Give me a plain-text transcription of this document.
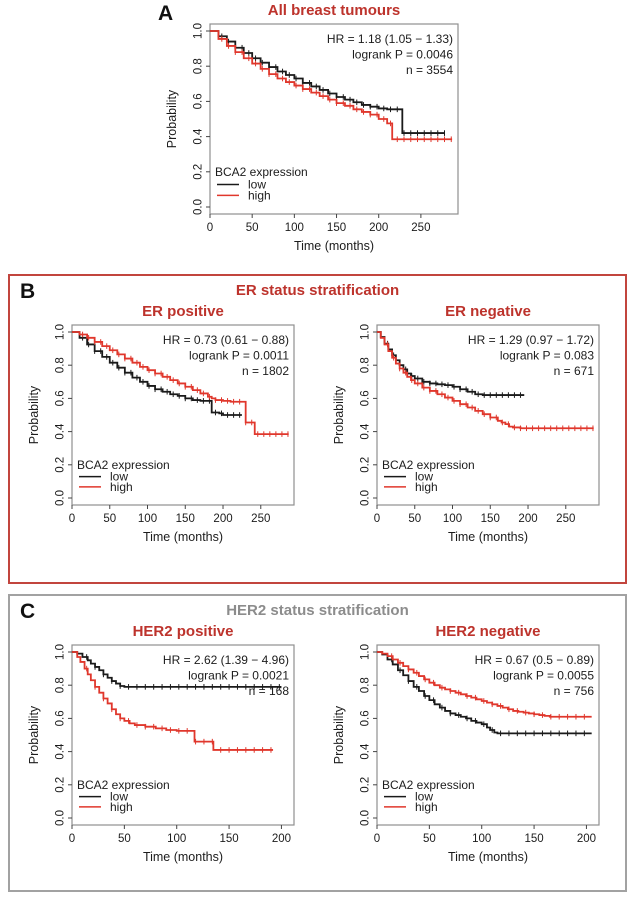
A
0	50 100 150 200 250
0.0
0.2
0.4
0.6
0.8
1.0
Time (months)
Probability
All breast tumours
HR = 1.18 (1.05 − 1.33)
logrank P = 0.0046
n = 3554
BCA2 expression
low
high
B	ER status stratification
0 50 100 150 200 250
0.0
0.2
0.4
0.6
0.8
1.0
Time (months)
Probability
ER positive
HR = 0.73 (0.61 − 0.88)
logrank P = 0.0011
n = 1802
BCA2 expression
low
high
0 50 100 150 200 250
0.0
0.2
0.4
0.6
0.8
1.0
Time (months)
Probability
ER negative
HR = 1.29 (0.97 − 1.72)
logrank P = 0.083
n = 671
BCA2 expression
low
high
C	HER2 status stratification
0	50	100	150	200
0.0
0.2
0.4
0.6
0.8
1.0
Time (months)
Probability
HER2 positive
HR = 2.62 (1.39 − 4.96)
logrank P = 0.0021
n = 168
BCA2 expression
low
high
0	50	100	150	200
0.0
0.2
0.4
0.6
0.8
1.0
Time (months)
Probability
HER2 negative
HR = 0.67 (0.5 − 0.89)
logrank P = 0.0055
n = 756
BCA2 expression
low
high
